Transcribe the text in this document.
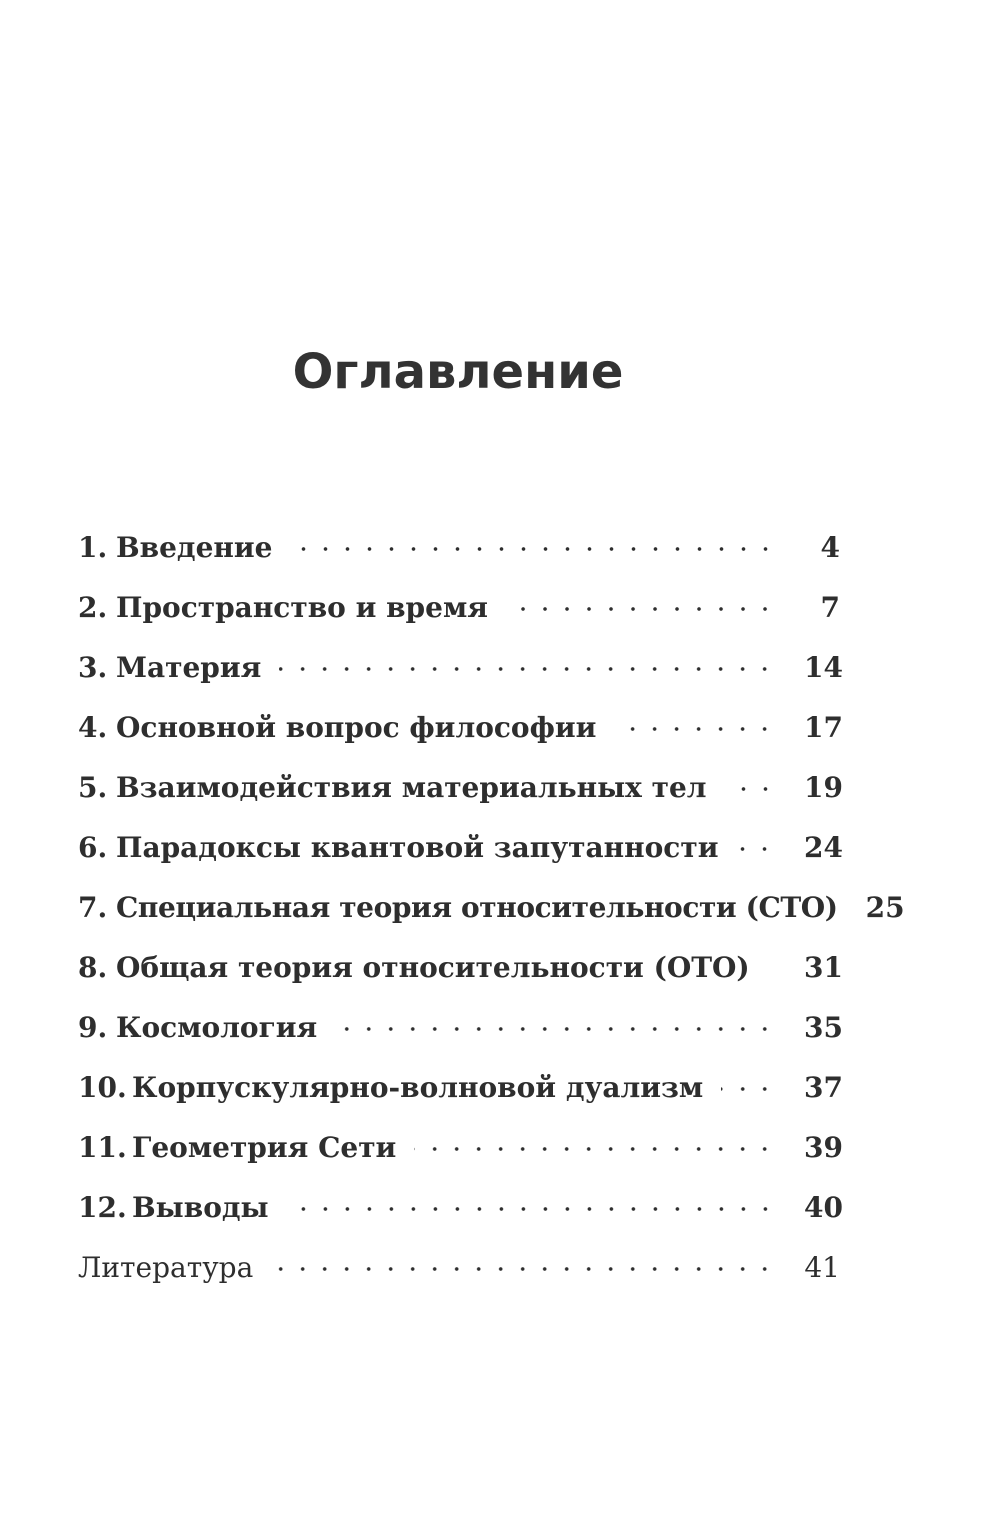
Оглавление
1. Введение	4
2. Пространство и время	7
3. Материя	14
4. Основной вопрос философии	17
5. Взаимодействия материальных тел	19
6. Парадоксы квантовой запутанности	24
7. Специальная теория относительности (СТО) 25
8. Общая теория относительности (ОТО) 31
9. Космология	35
10. Корпускулярно-волновой дуализм	37
11. Геометрия Сети	39
12. Выводы	40
Литература	41
